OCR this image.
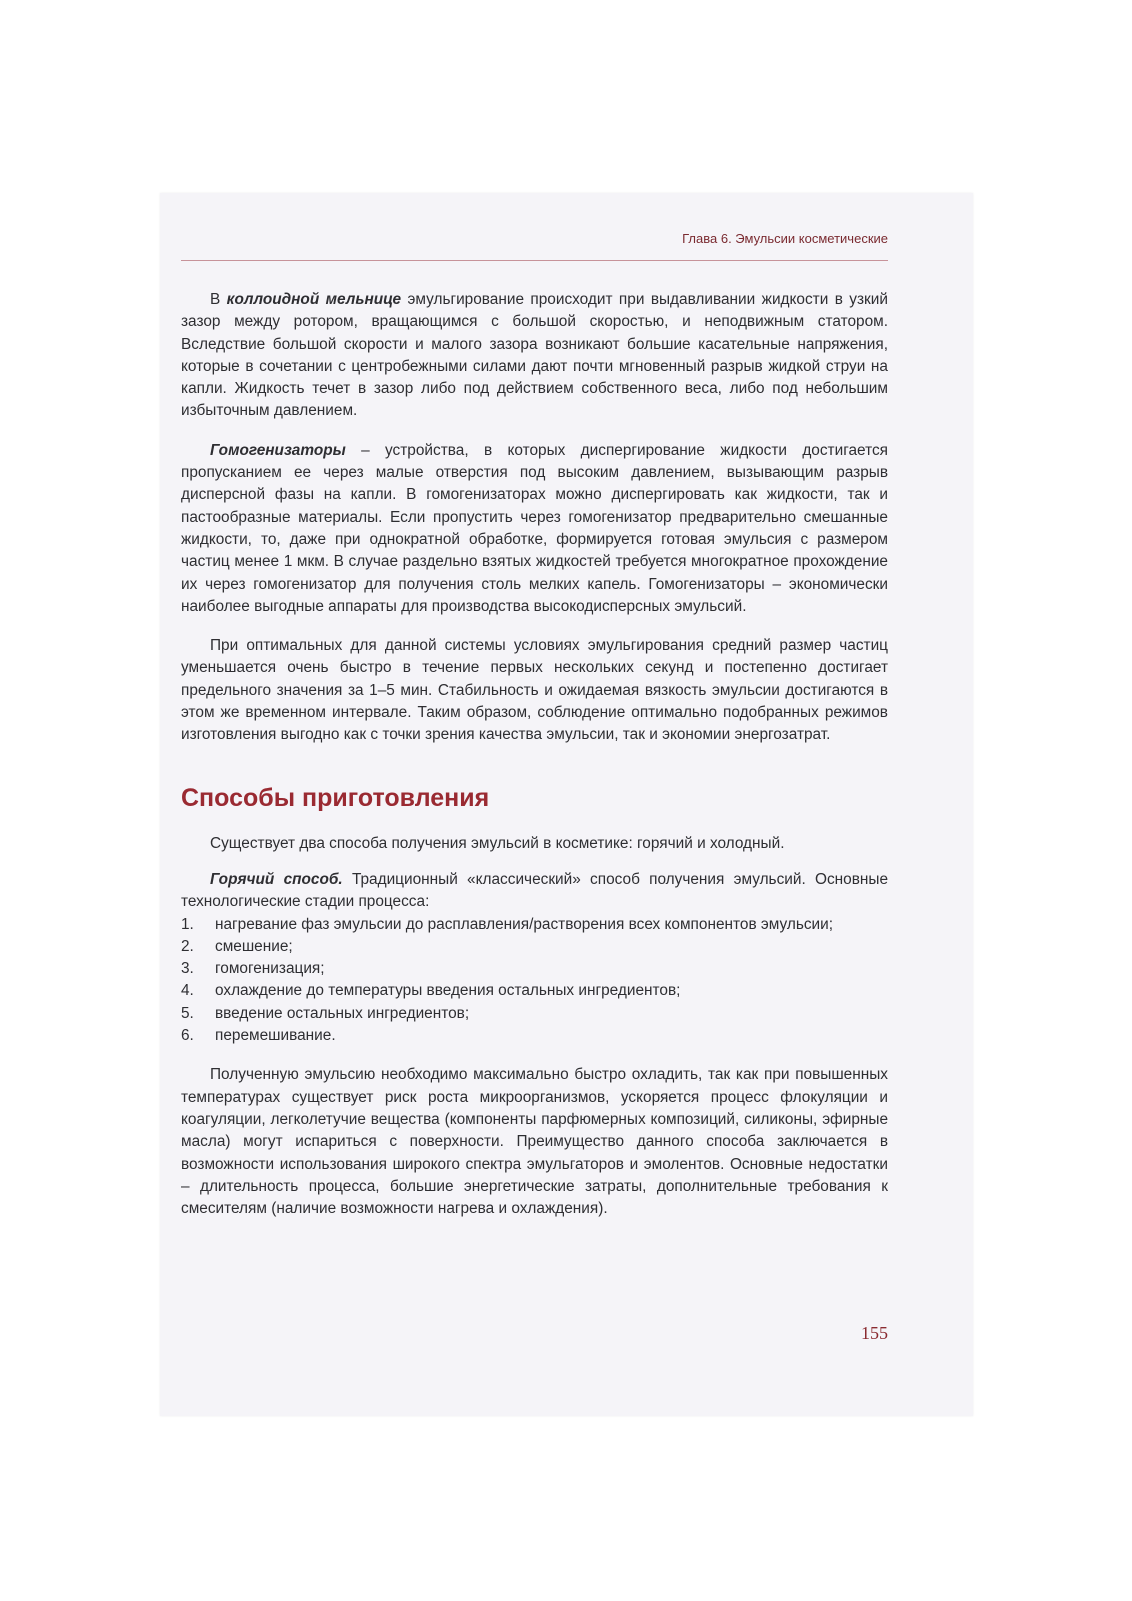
Глава 6. Эмульсии косметические

В коллоидной мельнице эмульгирование происходит при выдавливании жидкости в узкий зазор между ротором, вращающимся с большой скоростью, и неподвижным статором. Вследствие большой скорости и малого зазора возникают большие касательные напряжения, которые в сочетании с центробежными силами дают почти мгновенный разрыв жидкой струи на капли. Жидкость течет в зазор либо под действием собственного веса, либо под небольшим избыточным давлением.

Гомогенизаторы – устройства, в которых диспергирование жидкости достигается пропусканием ее через малые отверстия под высоким давлением, вызывающим разрыв дисперсной фазы на капли. В гомогенизаторах можно диспергировать как жидкости, так и пастообразные материалы. Если пропустить через гомогенизатор предварительно смешанные жидкости, то, даже при однократной обработке, формируется готовая эмульсия с размером частиц менее 1 мкм. В случае раздельно взятых жидкостей требуется многократное прохождение их через гомогенизатор для получения столь мелких капель. Гомогенизаторы – экономически наиболее выгодные аппараты для производства высокодисперсных эмульсий.

При оптимальных для данной системы условиях эмульгирования средний размер частиц уменьшается очень быстро в течение первых нескольких секунд и постепенно достигает предельного значения за 1–5 мин. Стабильность и ожидаемая вязкость эмульсии достигаются в этом же временном интервале. Таким образом, соблюдение оптимально подобранных режимов изготовления выгодно как с точки зрения качества эмульсии, так и экономии энергозатрат.

Способы приготовления

Существует два способа получения эмульсий в косметике: горячий и холодный.

Горячий способ. Традиционный «классический» способ получения эмульсий. Основные технологические стадии процесса:

1. нагревание фаз эмульсии до расплавления/растворения всех компонентов эмульсии;
2. смешение;
3. гомогенизация;
4. охлаждение до температуры введения остальных ингредиентов;
5. введение остальных ингредиентов;
6. перемешивание.

Полученную эмульсию необходимо максимально быстро охладить, так как при повышенных температурах существует риск роста микроорганизмов, ускоряется процесс флокуляции и коагуляции, легколетучие вещества (компоненты парфюмерных композиций, силиконы, эфирные масла) могут испариться с поверхности. Преимущество данного способа заключается в возможности использования широкого спектра эмульгаторов и эмолентов. Основные недостатки – длительность процесса, большие энергетические затраты, дополнительные требования к смесителям (наличие возможности нагрева и охлаждения).

155
